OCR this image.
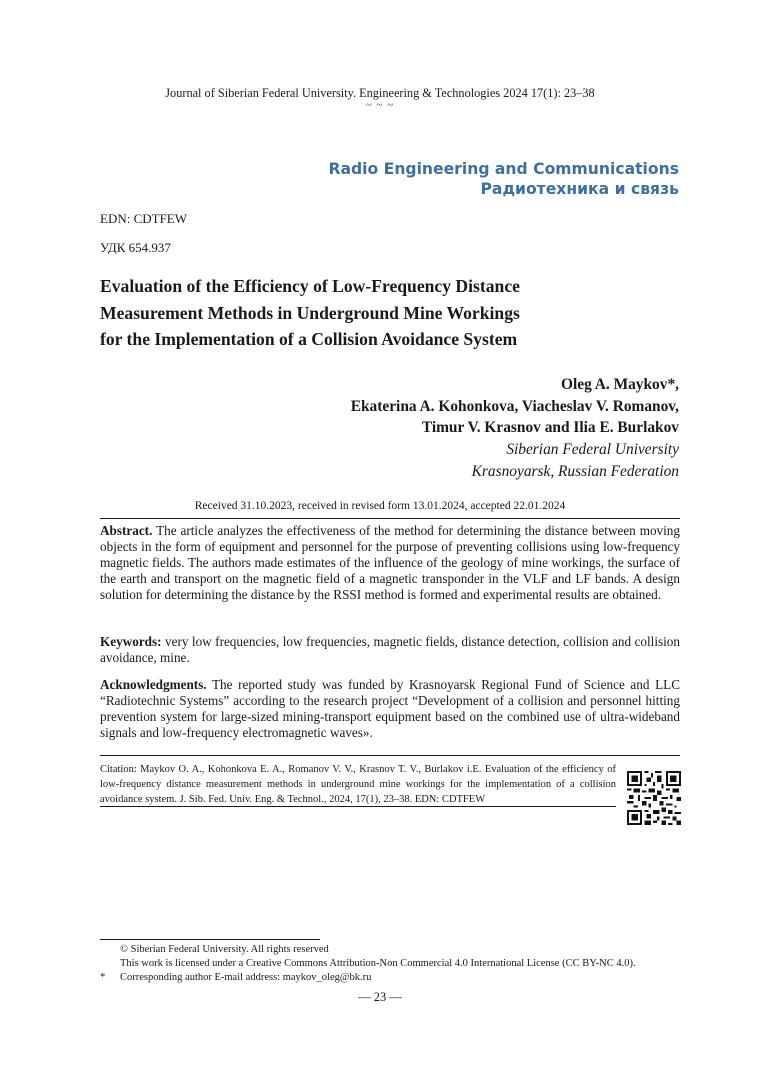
Journal of Siberian Federal University. Engineering & Technologies 2024 17(1): 23–38
~ ~ ~
Radio Engineering and Communications
Радиотехника и связь
EDN: CDTFEW
УДК 654.937
Evaluation of the Efficiency of Low-Frequency Distance
Measurement Methods in Underground Mine Workings
for the Implementation of a Collision Avoidance System
Oleg A. Maykov*,
Ekaterina A. Kohonkova, Viacheslav V. Romanov,
Timur V. Krasnov and Ilia E. Burlakov
Siberian Federal University
Krasnoyarsk, Russian Federation
Received 31.10.2023, received in revised form 13.01.2024, accepted 22.01.2024
Abstract. The article analyzes the effectiveness of the method for determining the distance between moving objects in the form of equipment and personnel for the purpose of preventing collisions using low-frequency magnetic fields. The authors made estimates of the influence of the geology of mine workings, the surface of the earth and transport on the magnetic field of a magnetic transponder in the VLF and LF bands. A design solution for determining the distance by the RSSI method is formed and experimental results are obtained.
Keywords: very low frequencies, low frequencies, magnetic fields, distance detection, collision and collision avoidance, mine.
Acknowledgments. The reported study was funded by Krasnoyarsk Regional Fund of Science and LLC “Radiotechnic Systems” according to the research project “Development of a collision and personnel hitting prevention system for large-sized mining-transport equipment based on the combined use of ultra-wideband signals and low-frequency electromagnetic waves».
Citation: Maykov O. A., Kohonkova E. A., Romanov V. V., Krasnov T. V., Burlakov i.E. Evaluation of the efficiency of low-frequency distance measurement methods in underground mine workings for the implementation of a collision avoidance system. J. Sib. Fed. Univ. Eng. & Technol., 2024, 17(1), 23–38. EDN: CDTFEW
© Siberian Federal University. All rights reserved
This work is licensed under a Creative Commons Attribution-Non Commercial 4.0 International License (CC BY-NC 4.0).
* Corresponding author E-mail address: maykov_oleg@bk.ru
— 23 —
